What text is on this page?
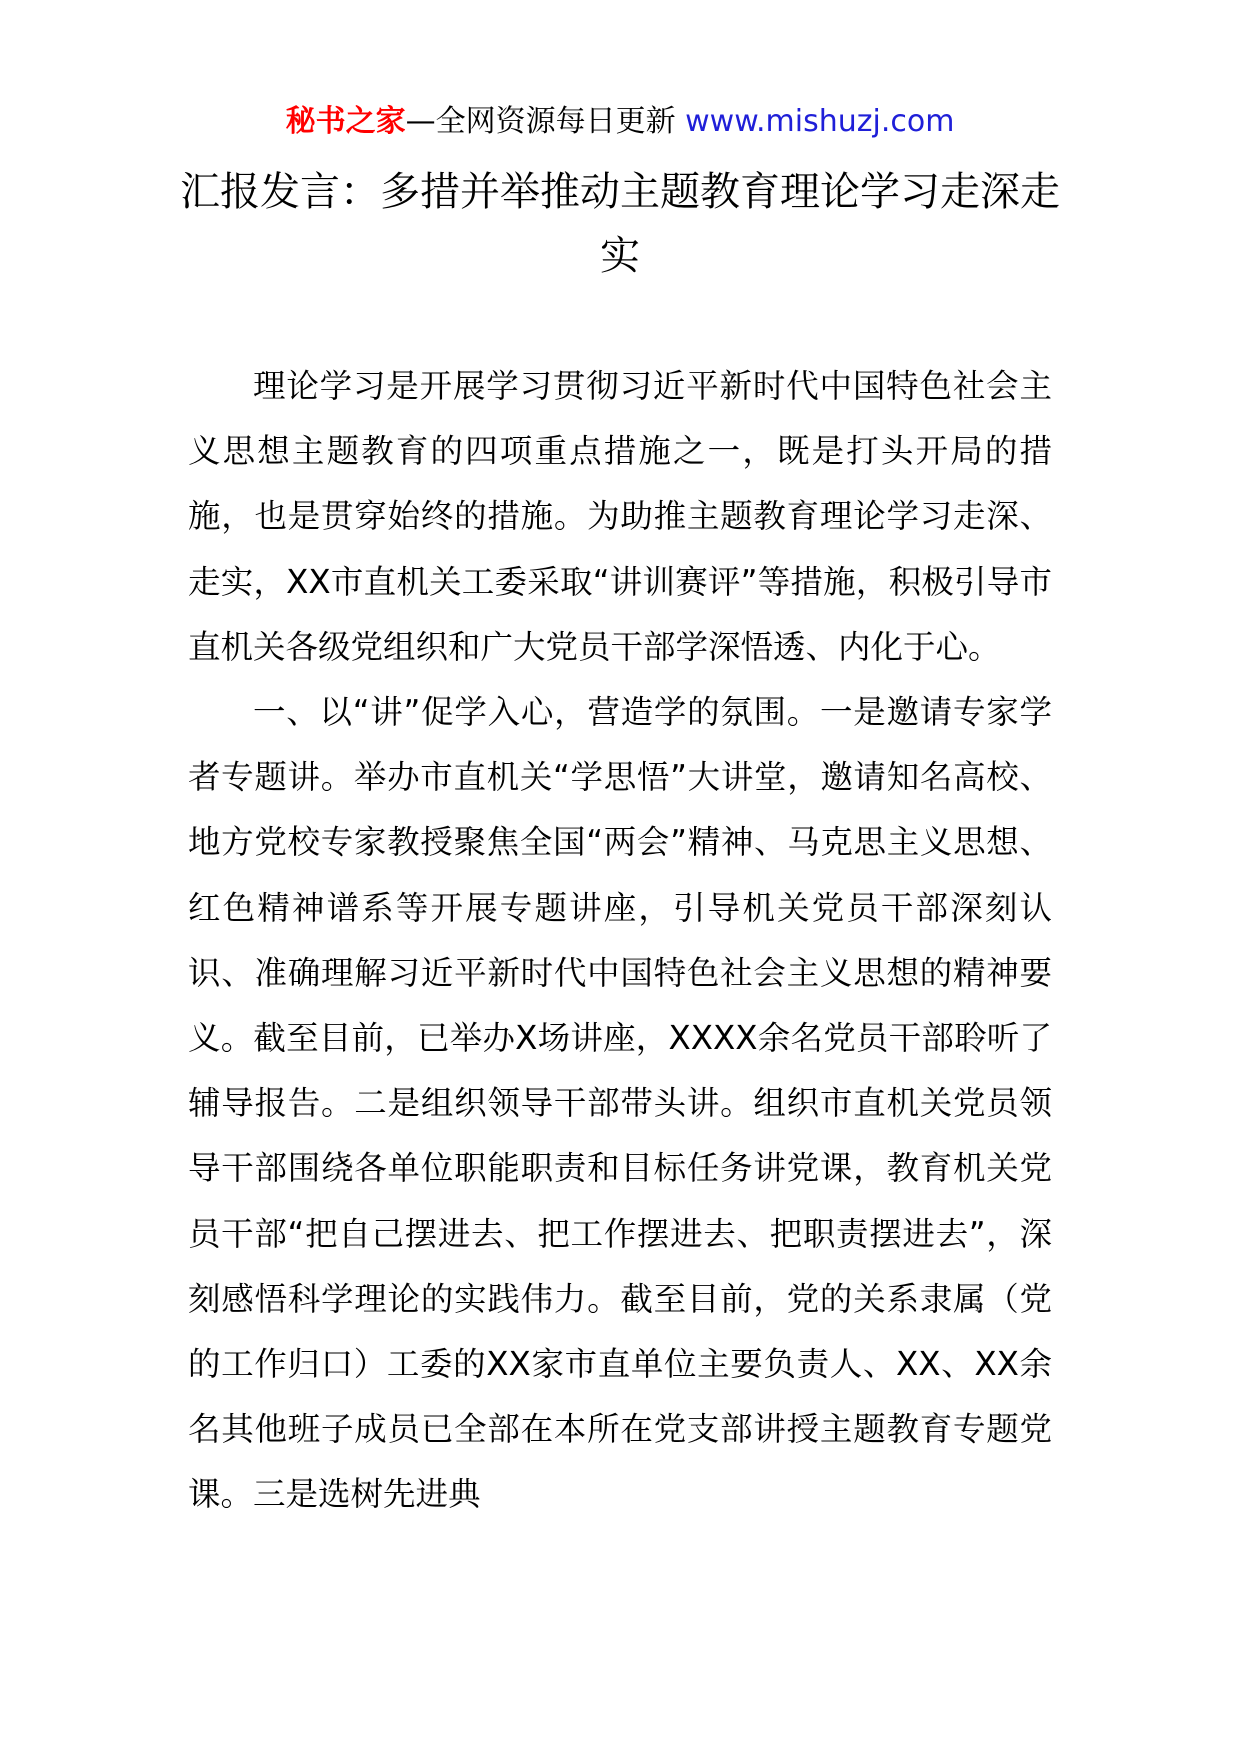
秘书之家—全网资源每日更新 www.mishuzj.com
汇报发言：多措并举推动主题教育理论学习走深走实

理论学习是开展学习贯彻习近平新时代中国特色社会主义思想主题教育的四项重点措施之一，既是打头开局的措施，也是贯穿始终的措施。为助推主题教育理论学习走深、走实，XX市直机关工委采取“讲训赛评”等措施，积极引导市直机关各级党组织和广大党员干部学深悟透、内化于心。

一、以“讲”促学入心，营造学的氛围。一是邀请专家学者专题讲。举办市直机关“学思悟”大讲堂，邀请知名高校、地方党校专家教授聚焦全国“两会”精神、马克思主义思想、红色精神谱系等开展专题讲座，引导机关党员干部深刻认识、准确理解习近平新时代中国特色社会主义思想的精神要义。截至目前，已举办X场讲座，XXXX余名党员干部聆听了辅导报告。二是组织领导干部带头讲。组织市直机关党员领导干部围绕各单位职能职责和目标任务讲党课，教育机关党员干部“把自己摆进去、把工作摆进去、把职责摆进去”，深刻感悟科学理论的实践伟力。截至目前，党的关系隶属（党的工作归口）工委的XX家市直单位主要负责人、XX、XX余名其他班子成员已全部在本所在党支部讲授主题教育专题党课。三是选树先进典
